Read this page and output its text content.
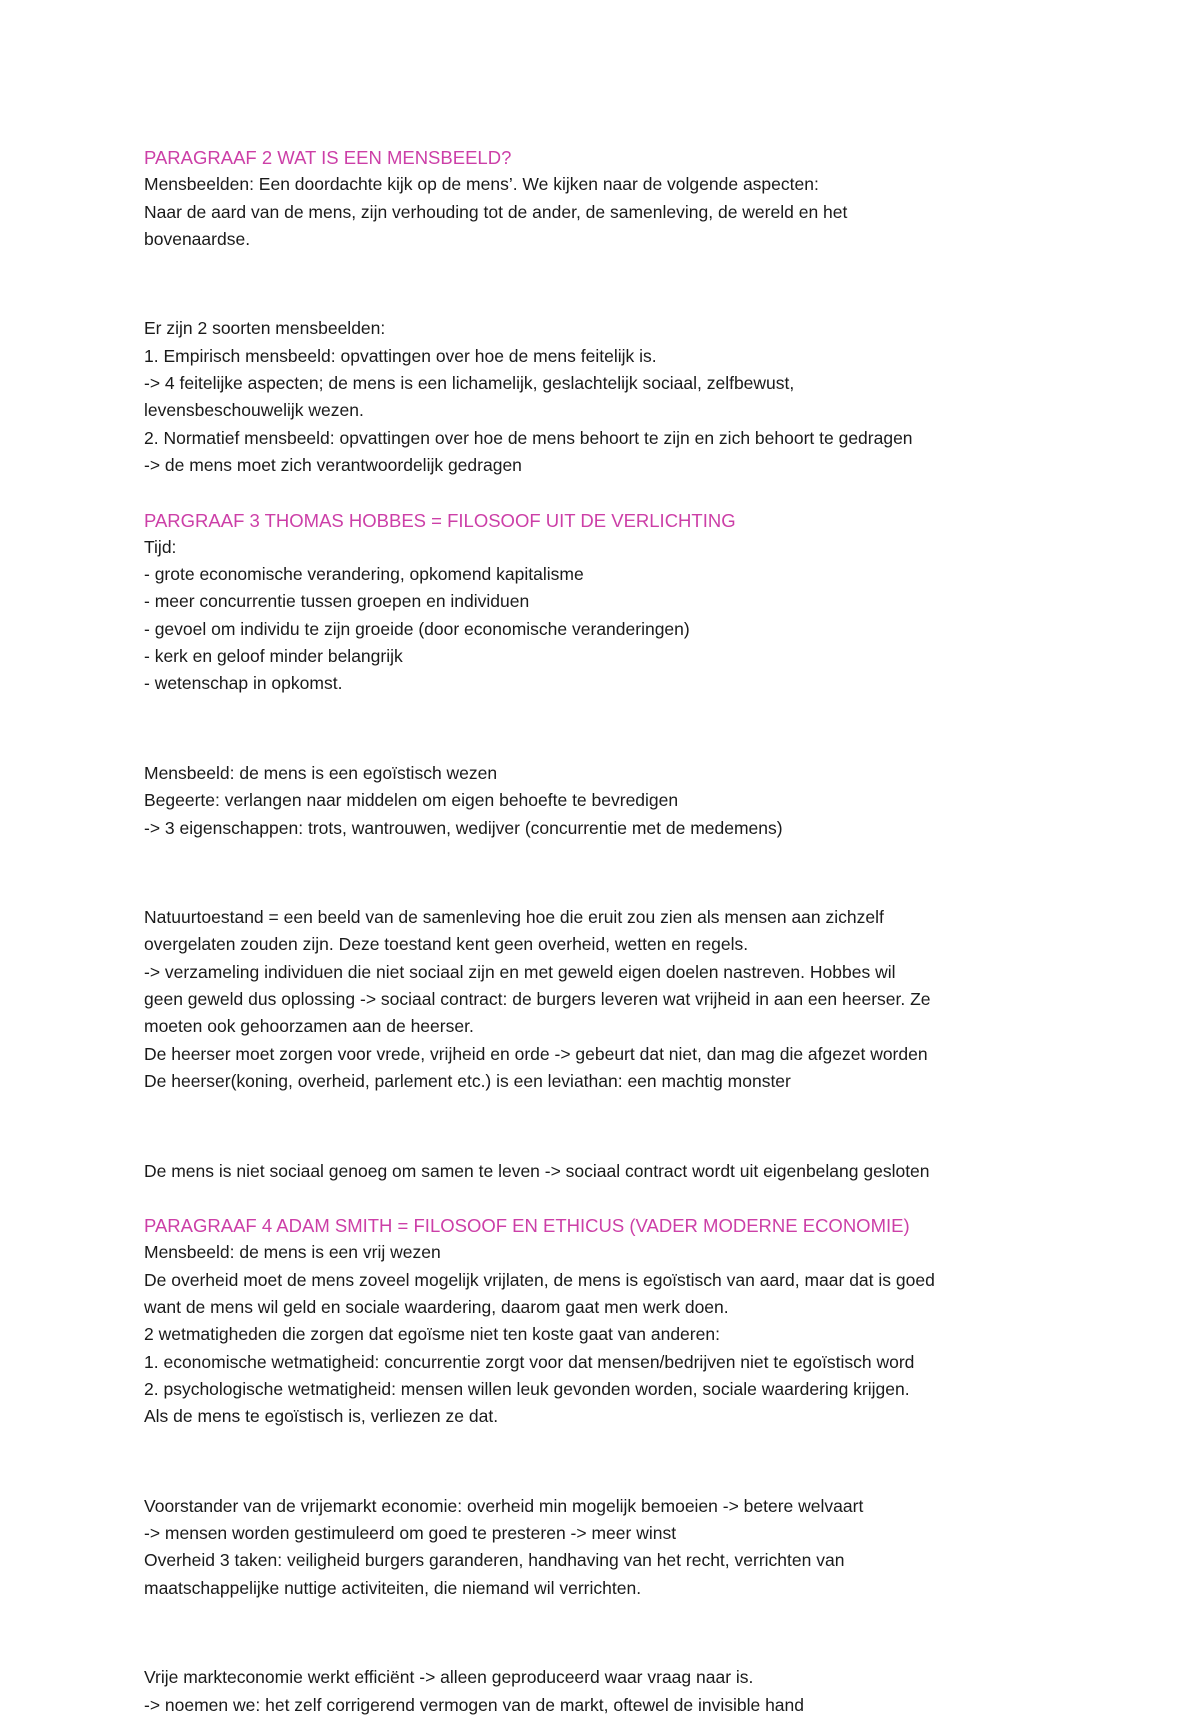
PARAGRAAF 2 WAT IS EEN MENSBEELD?

Mensbeelden: Een doordachte kijk op de mens’. We kijken naar de volgende aspecten:

Naar de aard van de mens, zijn verhouding tot de ander, de samenleving, de wereld en het

bovenaardse.

Er zijn 2 soorten mensbeelden:

1. Empirisch mensbeeld: opvattingen over hoe de mens feitelijk is.

-> 4 feitelijke aspecten; de mens is een lichamelijk, geslachtelijk sociaal, zelfbewust,

levensbeschouwelijk wezen.

2. Normatief mensbeeld: opvattingen over hoe de mens behoort te zijn en zich behoort te gedragen

-> de mens moet zich verantwoordelijk gedragen

PARGRAAF 3 THOMAS HOBBES = FILOSOOF UIT DE VERLICHTING

Tijd:

- grote economische verandering, opkomend kapitalisme

- meer concurrentie tussen groepen en individuen

- gevoel om individu te zijn groeide (door economische veranderingen)

- kerk en geloof minder belangrijk

- wetenschap in opkomst.

Mensbeeld: de mens is een egoïstisch wezen

Begeerte: verlangen naar middelen om eigen behoefte te bevredigen

-> 3 eigenschappen: trots, wantrouwen, wedijver (concurrentie met de medemens)

Natuurtoestand = een beeld van de samenleving hoe die eruit zou zien als mensen aan zichzelf

overgelaten zouden zijn. Deze toestand kent geen overheid, wetten en regels.

-> verzameling individuen die niet sociaal zijn en met geweld eigen doelen nastreven. Hobbes wil

geen geweld dus oplossing -> sociaal contract: de burgers leveren wat vrijheid in aan een heerser. Ze

moeten ook gehoorzamen aan de heerser.

De heerser moet zorgen voor vrede, vrijheid en orde -> gebeurt dat niet, dan mag die afgezet worden

De heerser(koning, overheid, parlement etc.) is een leviathan: een machtig monster

De mens is niet sociaal genoeg om samen te leven -> sociaal contract wordt uit eigenbelang gesloten

PARAGRAAF 4 ADAM SMITH = FILOSOOF EN ETHICUS (VADER MODERNE ECONOMIE)

Mensbeeld: de mens is een vrij wezen

De overheid moet de mens zoveel mogelijk vrijlaten, de mens is egoïstisch van aard, maar dat is goed

want de mens wil geld en sociale waardering, daarom gaat men werk doen.

2 wetmatigheden die zorgen dat egoïsme niet ten koste gaat van anderen:

1. economische wetmatigheid: concurrentie zorgt voor dat mensen/bedrijven niet te egoïstisch word

2. psychologische wetmatigheid: mensen willen leuk gevonden worden, sociale waardering krijgen.

Als de mens te egoïstisch is, verliezen ze dat.

Voorstander van de vrijemarkt economie: overheid min mogelijk bemoeien -> betere welvaart

-> mensen worden gestimuleerd om goed te presteren -> meer winst

Overheid 3 taken: veiligheid burgers garanderen, handhaving van het recht, verrichten van

maatschappelijke nuttige activiteiten, die niemand wil verrichten.

Vrije markteconomie werkt efficiënt -> alleen geproduceerd waar vraag naar is.

-> noemen we: het zelf corrigerend vermogen van de markt, oftewel de invisible hand
